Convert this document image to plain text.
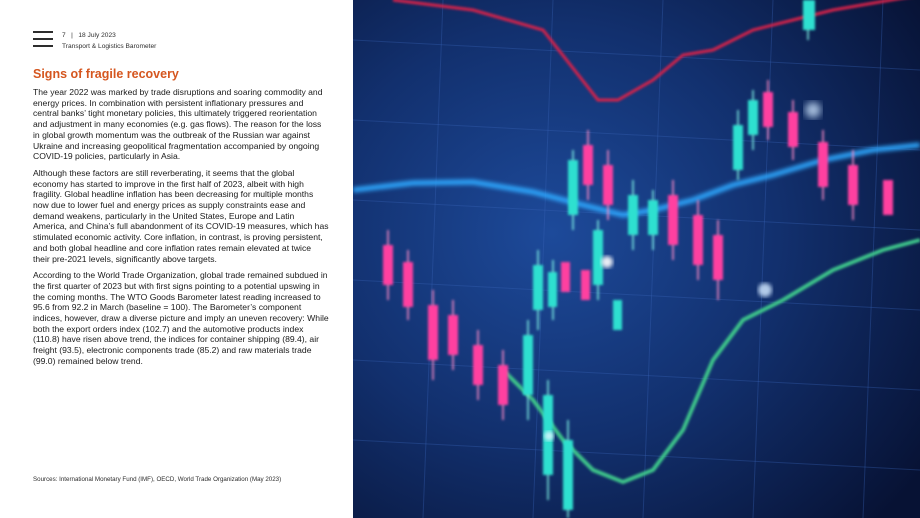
7 | 18 July 2023
Transport & Logistics Barometer
Signs of fragile recovery

The year 2022 was marked by trade disruptions and soaring commodity and energy prices. In combination with persistent inflationary pressures and central banks’ tight monetary policies, this ultimately triggered reorientation and adjustment in many economies (e.g. gas flows). The reason for the loss in global growth momentum was the outbreak of the Russian war against Ukraine and increasing geopolitical fragmentation accompanied by ongoing COVID-19 policies, particularly in Asia.

Although these factors are still reverberating, it seems that the global economy has started to improve in the first half of 2023, albeit with high fragility. Global headline inflation has been decreasing for multiple months now due to lower fuel and energy prices as supply constraints ease and demand weakens, particularly in the United States, Europe and Latin America, and China’s full abandonment of its COVID-19 measures, which has stimulated economic activity. Core inflation, in contrast, is proving persistent, and both global headline and core inflation rates remain elevated at twice their pre-2021 levels, significantly above targets.

According to the World Trade Organization, global trade remained subdued in the first quarter of 2023 but with first signs pointing to a potential upswing in the coming months. The WTO Goods Barometer latest reading increased to 95.6 from 92.2 in March (baseline = 100). The Barometer’s component indices, however, draw a diverse picture and imply an uneven recovery: While both the export orders index (102.7) and the automotive products index (110.8) have risen above trend, the indices for container shipping (89.4), air freight (93.5), electronic components trade (85.2) and raw materials trade (99.0) remained below trend.

Sources: International Monetary Fund (IMF), OECD, World Trade Organization (May 2023)
